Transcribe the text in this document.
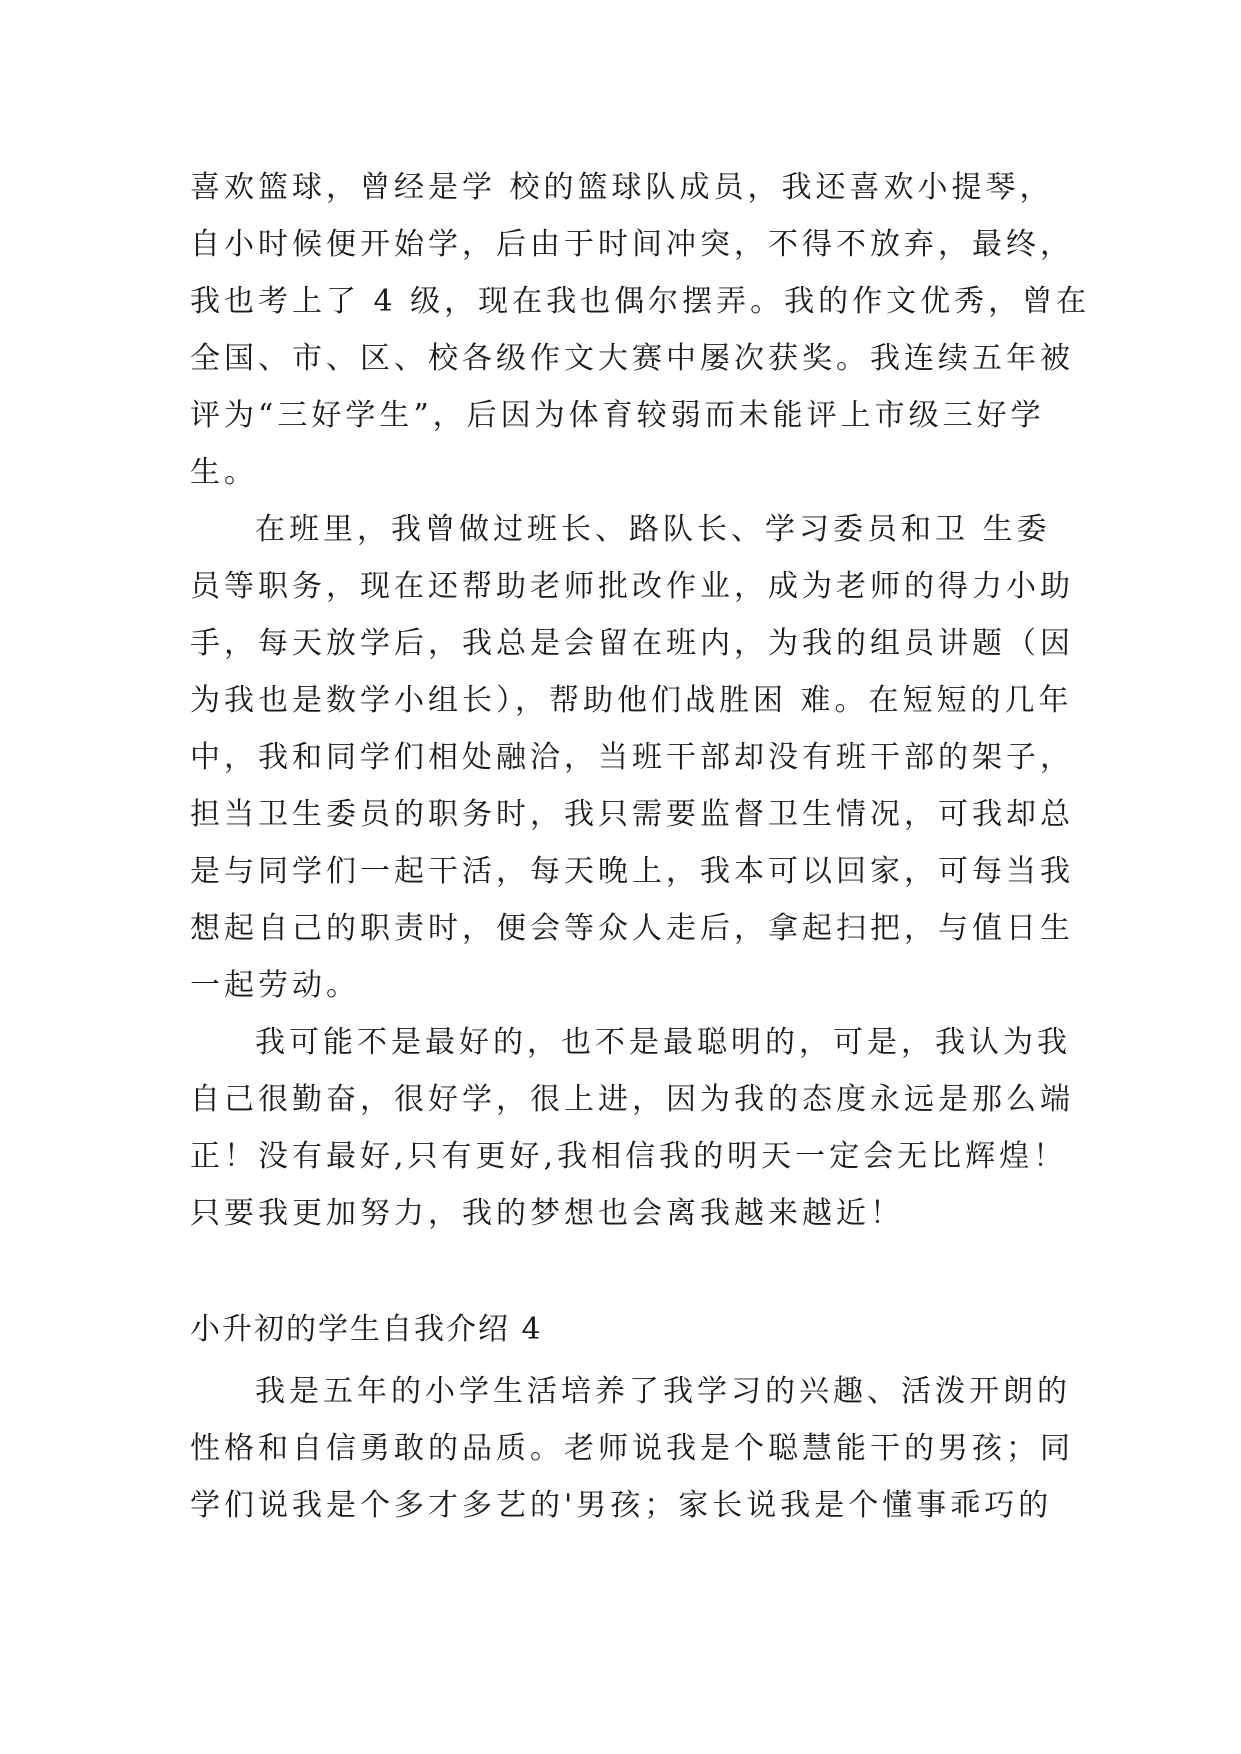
喜欢篮球，曾经是学 校的篮球队成员，我还喜欢小提琴，
自小时候便开始学，后由于时间冲突，不得不放弃，最终，
我也考上了 4 级，现在我也偶尔摆弄。我的作文优秀，曾在
全国、市、区、校各级作文大赛中屡次获奖。我连续五年被
评为“三好学生”，后因为体育较弱而未能评上市级三好学
生。
在班里，我曾做过班长、路队长、学习委员和卫 生委
员等职务，现在还帮助老师批改作业，成为老师的得力小助
手，每天放学后，我总是会留在班内，为我的组员讲题（因
为我也是数学小组长），帮助他们战胜困 难。在短短的几年
中，我和同学们相处融洽，当班干部却没有班干部的架子，
担当卫生委员的职务时，我只需要监督卫生情况，可我却总
是与同学们一起干活，每天晚上，我本可以回家，可每当我
想起自己的职责时，便会等众人走后，拿起扫把，与值日生
一起劳动。
我可能不是最好的，也不是最聪明的，可是，我认为我
自己很勤奋，很好学，很上进，因为我的态度永远是那么端
正！没有最好,只有更好,我相信我的明天一定会无比辉煌！
只要我更加努力，我的梦想也会离我越来越近！
小升初的学生自我介绍 4
我是五年的小学生活培养了我学习的兴趣、活泼开朗的
性格和自信勇敢的品质。老师说我是个聪慧能干的男孩；同
学们说我是个多才多艺的'男孩；家长说我是个懂事乖巧的
